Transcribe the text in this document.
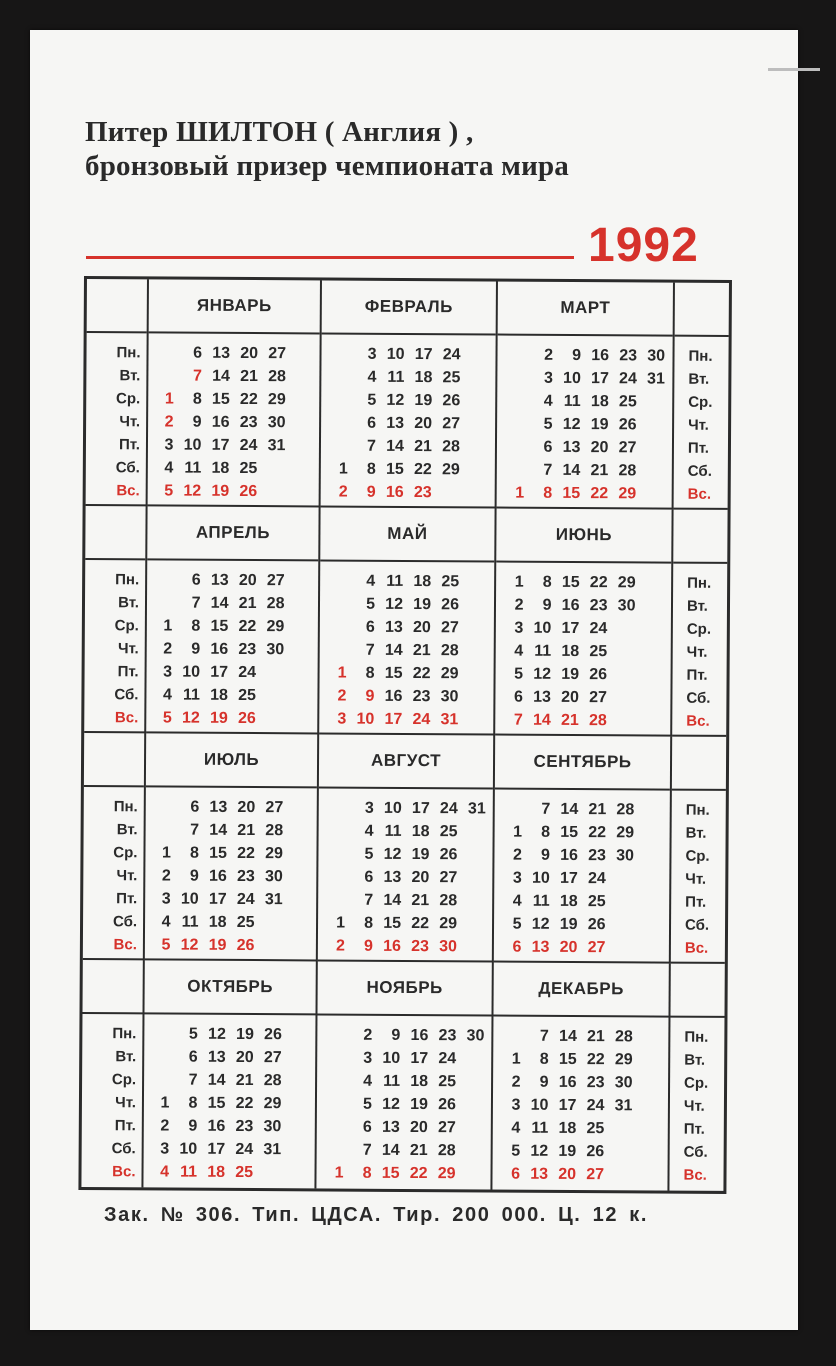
Питер ШИЛТОН ( Англия ) ,
бронзовый призер чемпионата мира
1992
Пн.
Вт.
Ср.
Чт.
Пт.
Сб.
Вс.
ЯНВАРЬ
6 13 20 27
7 14 21 28
1 8 15 22 29
2 9 16 23 30
3 10 17 24 31
4 11 18 25
5 12 19 26
ФЕВРАЛЬ
3 10 17 24
4 11 18 25
5 12 19 26
6 13 20 27
7 14 21 28
1 8 15 22 29
2 9 16 23
МАРТ
2 9 16 23 30
3 10 17 24 31
4 11 18 25
5 12 19 26
6 13 20 27
7 14 21 28
1 8 15 22 29
Пн.
Вт.
Ср.
Чт.
Пт.
Сб.
Вс.
Пн.
Вт.
Ср.
Чт.
Пт.
Сб.
Вс.
АПРЕЛЬ
6 13 20 27
7 14 21 28
1 8 15 22 29
2 9 16 23 30
3 10 17 24
4 11 18 25
5 12 19 26
МАЙ
4 11 18 25
5 12 19 26
6 13 20 27
7 14 21 28
1 8 15 22 29
2 9 16 23 30
3 10 17 24 31
ИЮНЬ
1 8 15 22 29
2 9 16 23 30
3 10 17 24
4 11 18 25
5 12 19 26
6 13 20 27
7 14 21 28
Пн.
Вт.
Ср.
Чт.
Пт.
Сб.
Вс.
Пн.
Вт.
Ср.
Чт.
Пт.
Сб.
Вс.
ИЮЛЬ
6 13 20 27
7 14 21 28
1 8 15 22 29
2 9 16 23 30
3 10 17 24 31
4 11 18 25
5 12 19 26
АВГУСТ
3 10 17 24 31
4 11 18 25
5 12 19 26
6 13 20 27
7 14 21 28
1 8 15 22 29
2 9 16 23 30
СЕНТЯБРЬ
7 14 21 28
1 8 15 22 29
2 9 16 23 30
3 10 17 24
4 11 18 25
5 12 19 26
6 13 20 27
Пн.
Вт.
Ср.
Чт.
Пт.
Сб.
Вс.
Пн.
Вт.
Ср.
Чт.
Пт.
Сб.
Вс.
ОКТЯБРЬ
5 12 19 26
6 13 20 27
7 14 21 28
1 8 15 22 29
2 9 16 23 30
3 10 17 24 31
4 11 18 25
НОЯБРЬ
2 9 16 23 30
3 10 17 24
4 11 18 25
5 12 19 26
6 13 20 27
7 14 21 28
1 8 15 22 29
ДЕКАБРЬ
7 14 21 28
1 8 15 22 29
2 9 16 23 30
3 10 17 24 31
4 11 18 25
5 12 19 26
6 13 20 27
Пн.
Вт.
Ср.
Чт.
Пт.
Сб.
Вс.
Зак. № 306. Тип. ЦДСА. Тир. 200 000. Ц. 12 к.
